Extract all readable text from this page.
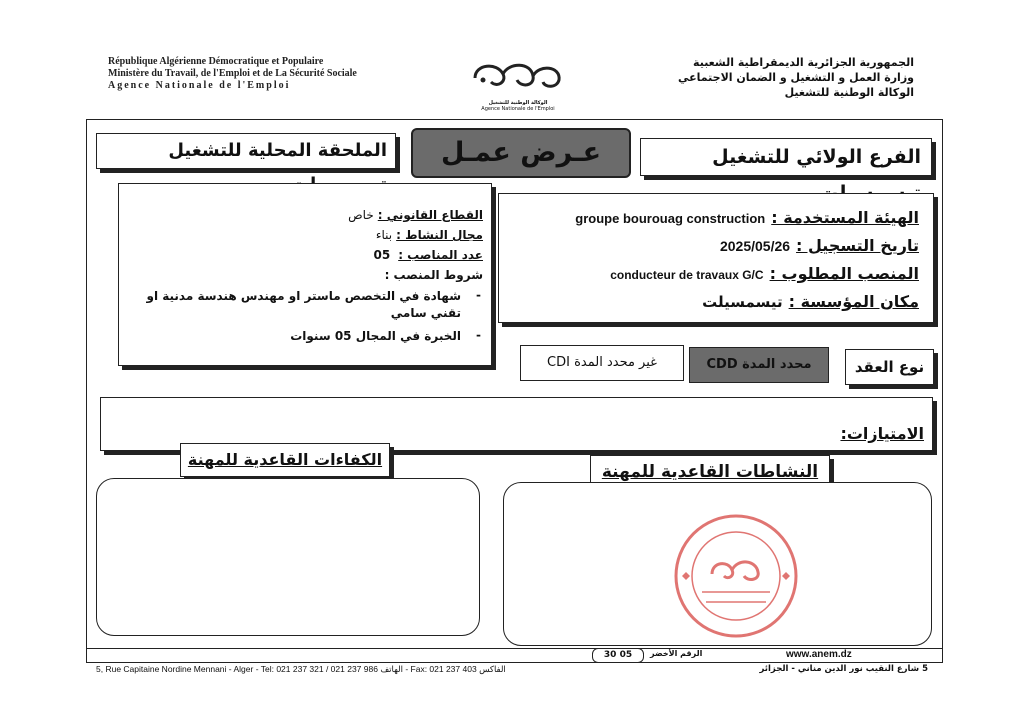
République Algérienne Démocratique et Populaire
Ministère du Travail, de l'Emploi et de La Sécurité Sociale
Agence Nationale de l'Emploi
الجمهورية الجزائرية الديمقراطية الشعبية
وزارة العمل و التشغيل و الضمان الاجتماعي
الوكالة الوطنية للتشغيل
الوكالة الوطنية للتشغيل
Agence Nationale de l'Emploi
الفرع الولائي للتشغيل
عـرض عمـل
الملحقة المحلية للتشغيل
الهيئة المستخدمة :groupe bourouag construction
تاريخ التسجيل :2025/05/26
المنصب المطلوب :conducteur de travaux G/C
مكان المؤسسة :تيسمسيلت
القطاع القانوني :خاص
مجال النشاط :بناء
عدد المناصب :05
شروط المنصب :
-
شهادة في التخصص ماستر او مهندس هندسة مدنية او تقني سامي
-
الخبرة في المجال 05 سنوات
نوع العقد
محدد المدة CDD
غير محدد المدة CDI
الامتيازات:
الكفاءات القاعدية للمهنة
النشاطات القاعدية للمهنة
www.anem.dz
30 05	الرقم الأخضر
5, Rue Capitaine Nordine Mennani - Alger - Tel: 021 237 321 / 021 237 986 الهاتف - Fax: 021 237 403 الفاكس	5 شارع النقيب نور الدين مناني - الجزائر
